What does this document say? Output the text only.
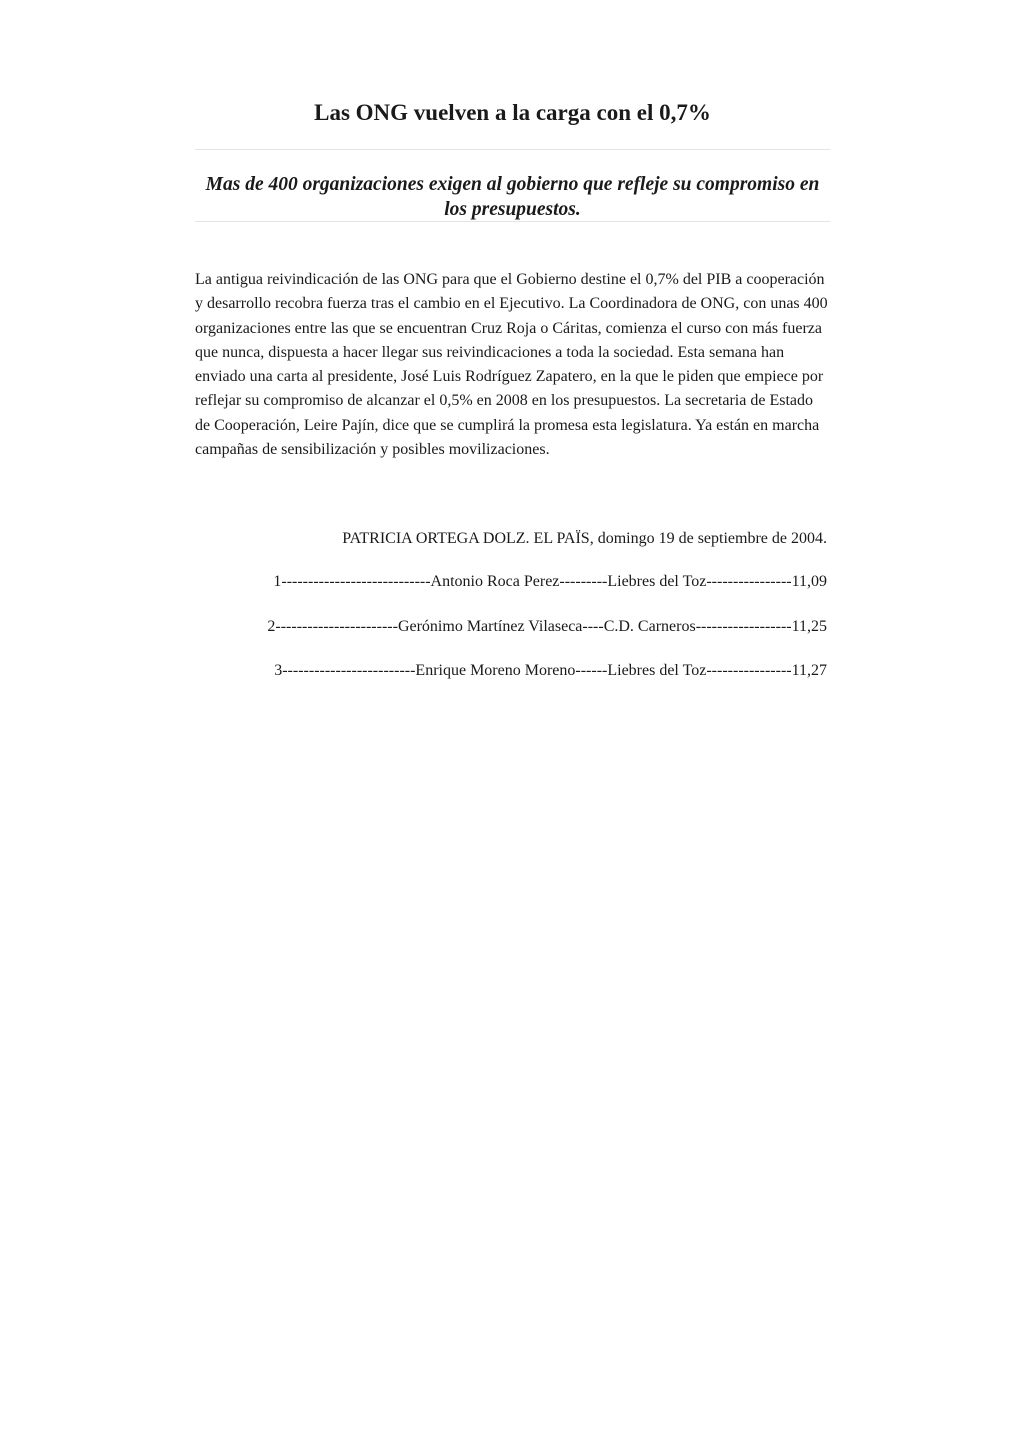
Las ONG vuelven a la carga con el 0,7%
Mas de 400 organizaciones exigen al gobierno que refleje su compromiso en los presupuestos.

La antigua reivindicación de las ONG para que el Gobierno destine el 0,7% del PIB a cooperación y desarrollo recobra fuerza tras el cambio en el Ejecutivo. La Coordinadora de ONG, con unas 400 organizaciones entre las que se encuentran Cruz Roja o Cáritas, comienza el curso con más fuerza que nunca, dispuesta a hacer llegar sus reivindicaciones a toda la sociedad. Esta semana han enviado una carta al presidente, José Luis Rodríguez Zapatero, en la que le piden que empiece por reflejar su compromiso de alcanzar el 0,5% en 2008 en los presupuestos. La secretaria de Estado de Cooperación, Leire Pajín, dice que se cumplirá la promesa esta legislatura. Ya están en marcha campañas de sensibilización y posibles movilizaciones.

PATRICIA ORTEGA DOLZ. EL PAÏS, domingo 19 de septiembre de 2004.

1----------------------------Antonio Roca Perez---------Liebres del Toz----------------11,09
2-----------------------Gerónimo Martínez Vilaseca----C.D. Carneros------------------11,25
3-------------------------Enrique Moreno Moreno------Liebres del Toz----------------11,27
